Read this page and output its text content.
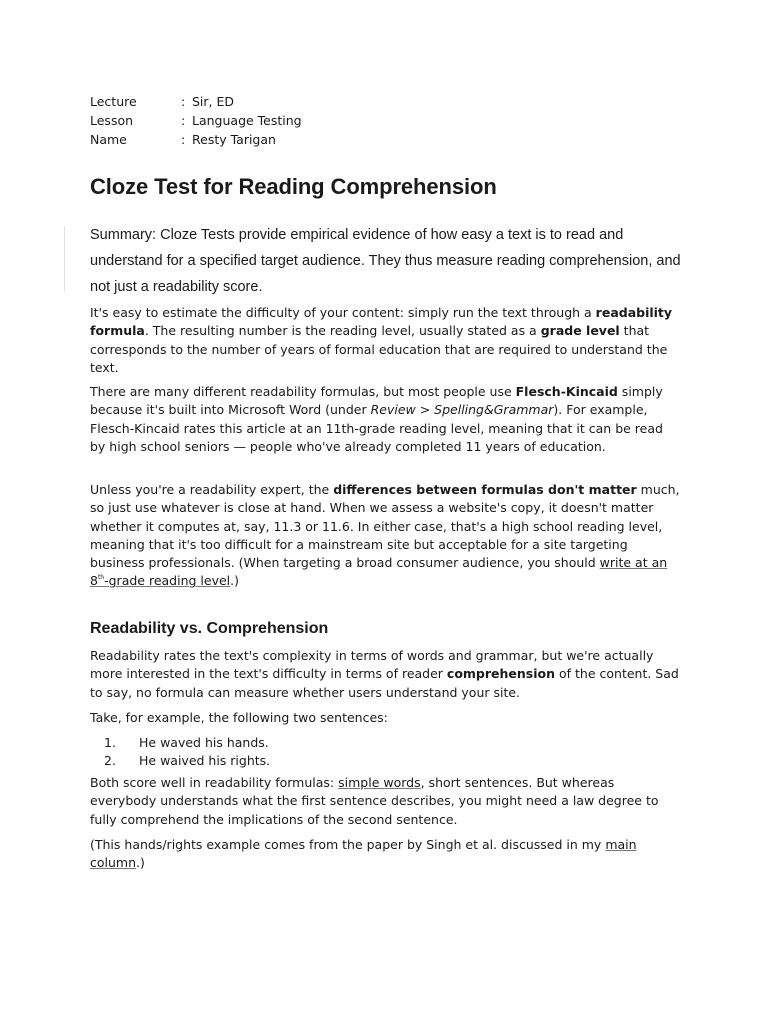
Lecture	: Sir, ED
Lesson	: Language Testing
Name	: Resty Tarigan
Cloze Test for Reading Comprehension

Summary: Cloze Tests provide empirical evidence of how easy a text is to read and understand for a specified target audience. They thus measure reading comprehension, and not just a readability score.

It's easy to estimate the difficulty of your content: simply run the text through a readability formula. The resulting number is the reading level, usually stated as a grade level that corresponds to the number of years of formal education that are required to understand the text.

There are many different readability formulas, but most people use Flesch-Kincaid simply because it's built into Microsoft Word (under Review > Spelling&Grammar). For example, Flesch-Kincaid rates this article at an 11th-grade reading level, meaning that it can be read by high school seniors — people who've already completed 11 years of education.

Unless you're a readability expert, the differences between formulas don't matter much, so just use whatever is close at hand. When we assess a website's copy, it doesn't matter whether it computes at, say, 11.3 or 11.6. In either case, that's a high school reading level, meaning that it's too difficult for a mainstream site but acceptable for a site targeting business professionals. (When targeting a broad consumer audience, you should write at an 8th-grade reading level.)

Readability vs. Comprehension

Readability rates the text's complexity in terms of words and grammar, but we're actually more interested in the text's difficulty in terms of reader comprehension of the content. Sad to say, no formula can measure whether users understand your site.

Take, for example, the following two sentences:

1.	He waved his hands.
2.	He waived his rights.

Both score well in readability formulas: simple words, short sentences. But whereas everybody understands what the first sentence describes, you might need a law degree to fully comprehend the implications of the second sentence.

(This hands/rights example comes from the paper by Singh et al. discussed in my main column.)
